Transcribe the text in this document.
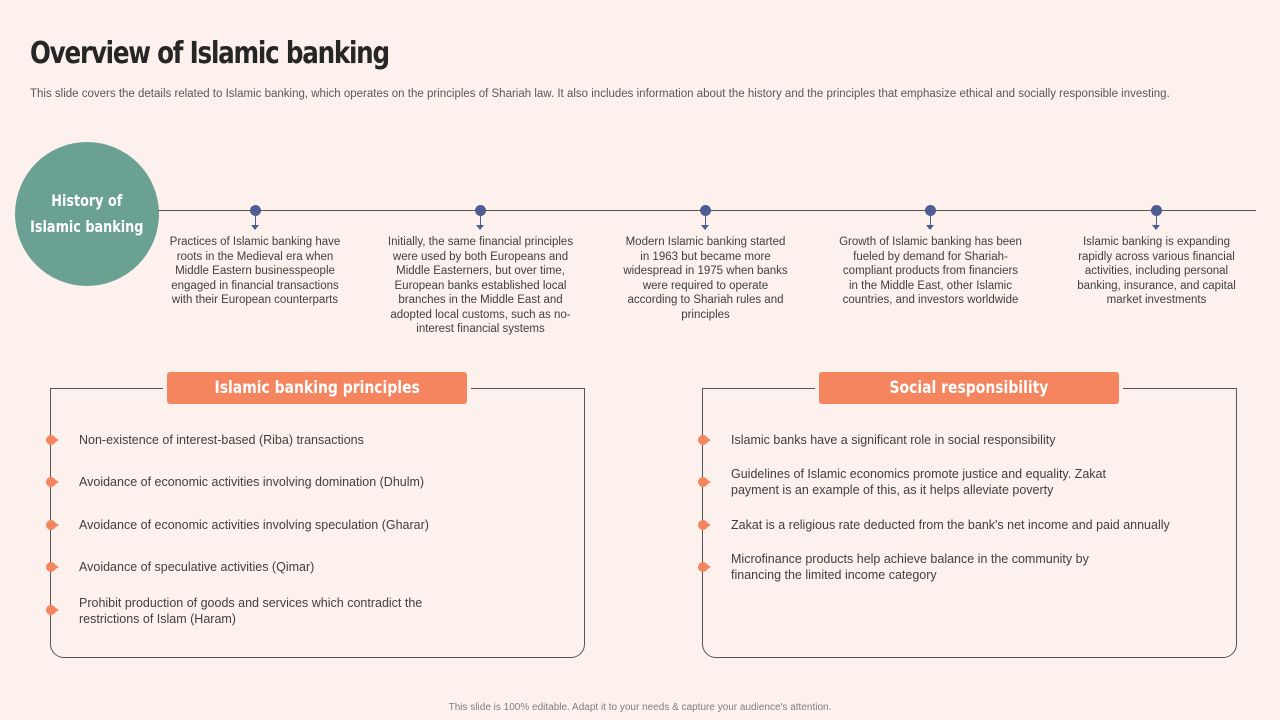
Overview of Islamic banking
This slide covers the details related to Islamic banking, which operates on the principles of Shariah law. It also includes information about the history and the principles that emphasize ethical and socially responsible investing.
History of
Islamic banking
Practices of Islamic banking have roots in the Medieval era when Middle Eastern businesspeople engaged in financial transactions with their European counterparts
Initially, the same financial principles were used by both Europeans and Middle Easterners, but over time, European banks established local branches in the Middle East and adopted local customs, such as no-interest financial systems
Modern Islamic banking started in 1963 but became more widespread in 1975 when banks were required to operate according to Shariah rules and principles
Growth of Islamic banking has been fueled by demand for Shariah-compliant products from financiers in the Middle East, other Islamic countries, and investors worldwide
Islamic banking is expanding rapidly across various financial activities, including personal banking, insurance, and capital market investments
Islamic banking principles
Non-existence of interest-based (Riba) transactions
Avoidance of economic activities involving domination (Dhulm)
Avoidance of economic activities involving speculation (Gharar)
Avoidance of speculative activities (Qimar)
Prohibit production of goods and services which contradict the restrictions of Islam (Haram)
Social responsibility
Islamic banks have a significant role in social responsibility
Guidelines of Islamic economics promote justice and equality. Zakat payment is an example of this, as it helps alleviate poverty
Zakat is a religious rate deducted from the bank's net income and paid annually
Microfinance products help achieve balance in the community by financing the limited income category
This slide is 100% editable. Adapt it to your needs & capture your audience's attention.
